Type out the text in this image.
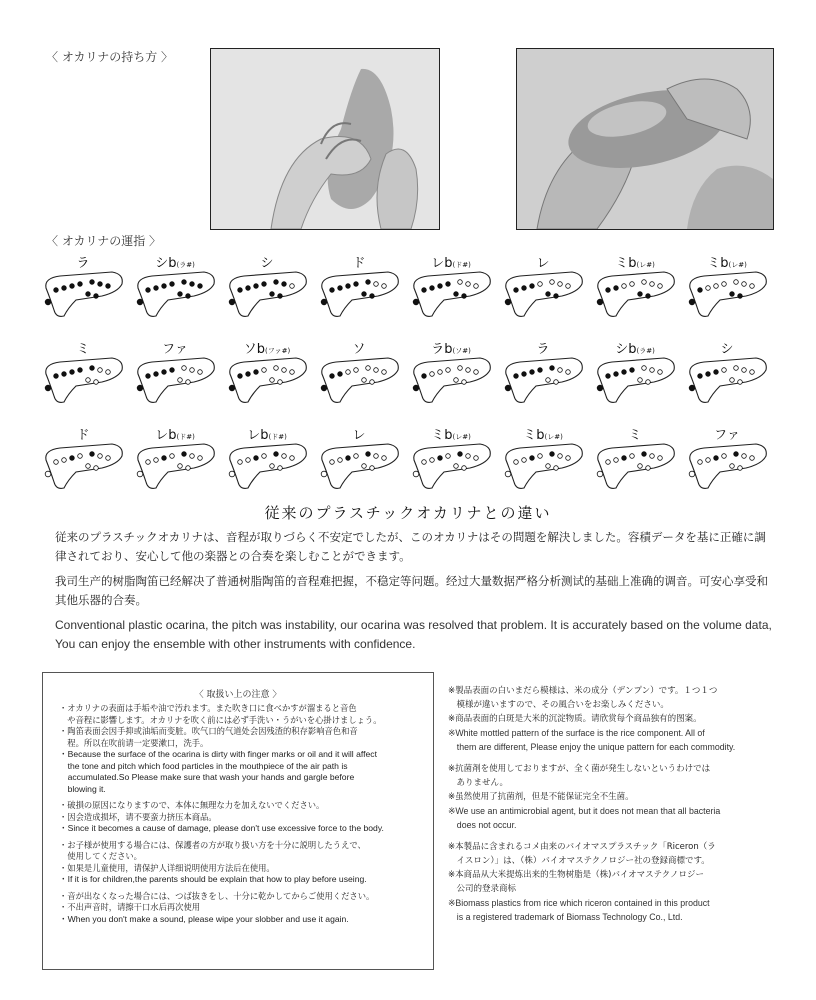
〈 オカリナの持ち方 〉
〈 オカリナの運指 〉
ラ	シb(ラ#)	シ	ド	レb(ド#)	レ	ミb(レ#)	ミb(レ#)
ミ	ファ	ソb(ファ#)	ソ	ラb(ソ#)	ラ	シb(ラ#)	シ
ド	レb(ド#)	レb(ド#)	レ	ミb(レ#)	ミb(レ#)	ミ	ファ
従来のプラスチックオカリナとの違い
従来のプラスチックオカリナは、音程が取りづらく不安定でしたが、このオカリナはその問題を解決しました。容積データを基に正確に調律されており、安心して他の楽器との合奏を楽しむことができます。
我司生产的树脂陶笛已经解决了普通树脂陶笛的音程难把握，不稳定等问题。经过大量数据严格分析测试的基础上准确的调音。可安心享受和其他乐器的合奏。
Conventional plastic ocarina, the pitch was instability, our ocarina was resolved that problem. It is accurately based on the volume data, You can enjoy the ensemble with other instruments with confidence.
〈 取扱い上の注意 〉
・オカリナの表面は手垢や油で汚れます。また吹き口に食べかすが溜まると音色
　や音程に影響します。オカリナを吹く前には必ず手洗い・うがいを心掛けましょう。
・陶笛表面会因手抑或油垢而变脏。吹气口的气道处会因残渣的积存影响音色和音
　程。所以在吹前请一定要漱口，洗手。
・Because the surface of the ocarina is dirty with finger marks or oil and it will affect
　the tone and pitch which food particles in the mouthpiece of the air path is
　accumulated.So Please make sure that wash your hands and gargle before
　blowing it.
・破損の原因になりますので、本体に無理な力を加えないでください。
・因会造成损坏，请不要蛮力挤压本商品。
・Since it becomes a cause of damage, please don't use excessive force to the body.
・お子様が使用する場合には、保護者の方が取り扱い方を十分に説明したうえで、
　使用してください。
・如果是儿童使用，请保护人详细说明使用方法后在使用。
・If it is for children,the parents should be explain that how to play before useing.
・音が出なくなった場合には、つば抜きをし、十分に乾かしてからご使用ください。
・不出声音时，请擦干口水后再次使用
・When you don't make a sound, please wipe your slobber and use it again.
※製品表面の白いまだら模様は、米の成分（デンプン）です。１つ１つ
　模様が違いますので、その風合いをお楽しみください。
※商品表面的白斑是大米的沉淀物质。请欣赏每个商品独有的图案。
※White mottled pattern of the surface is the rice component. All of
　them are different, Please enjoy the unique pattern for each commodity.
※抗菌剤を使用しておりますが、全く菌が発生しないというわけでは
　ありません。
※虽然使用了抗菌剂，但是不能保证完全不生菌。
※We use an antimicrobial agent, but it does not mean that all bacteria
　does not occur.
※本製品に含まれるコメ由来のバイオマスプラスチック「Riceron（ラ
　イスロン）」は、（株）バイオマステクノロジー社の登録商標です。
※本商品从大米提炼出来的生物树脂是（株)バイオマステクノロジー
　公司的登录商标
※Biomass plastics from rice which riceron contained in this product
　is a registered trademark of Biomass Technology Co., Ltd.
